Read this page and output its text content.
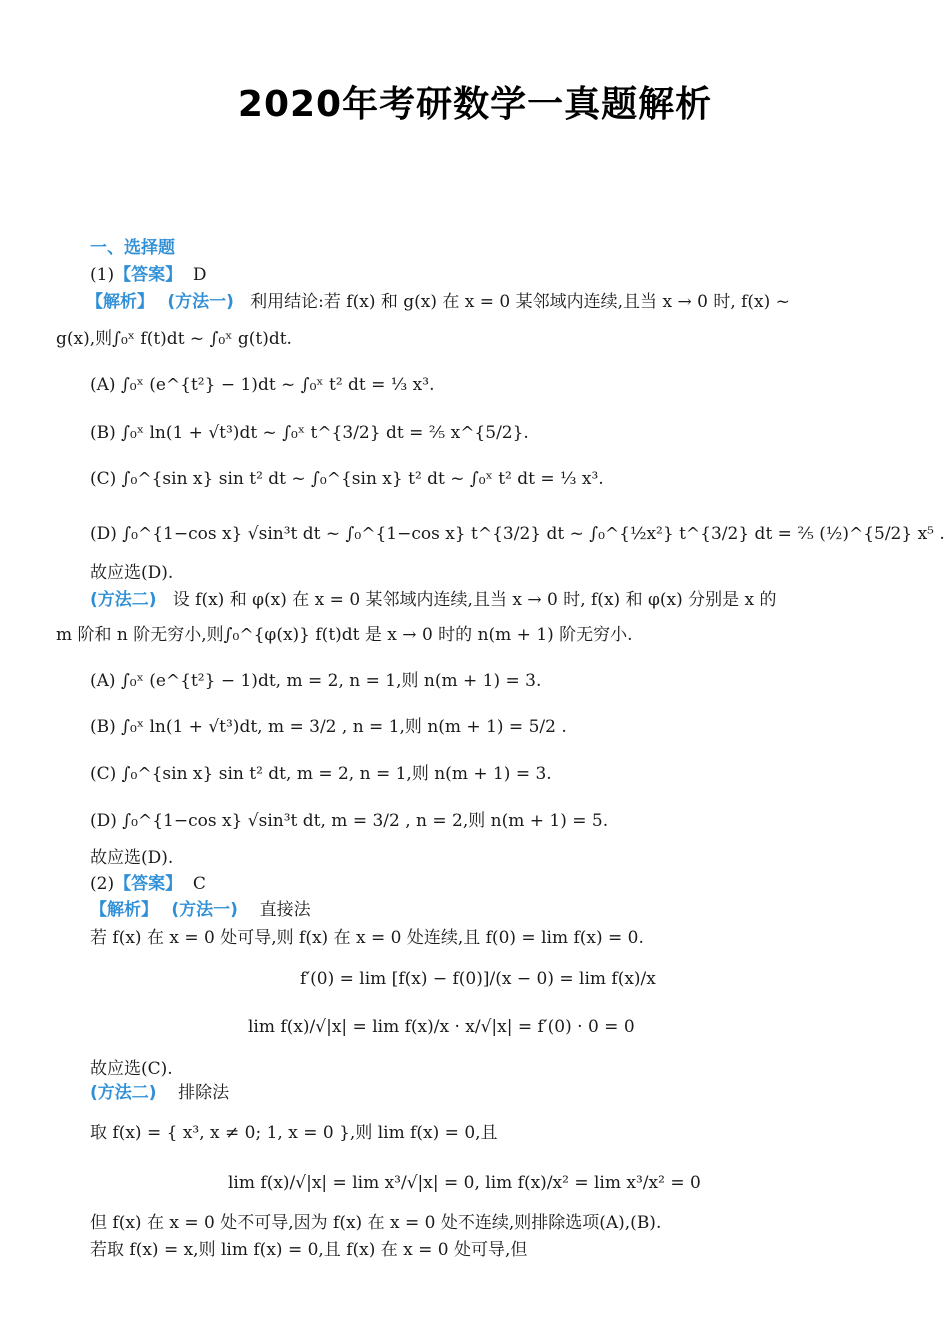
2020年考研数学一真题解析
一、选择题
(1)【答案】 D
【解析】 (方法一) 利用结论:若 f(x) 和 g(x) 在 x = 0 某邻域内连续,且当 x → 0 时, f(x) ~
g(x),则∫₀ˣ f(t)dt ~ ∫₀ˣ g(t)dt.
(A) ∫₀ˣ (e^{t²} − 1)dt ~ ∫₀ˣ t² dt = ⅓ x³.
(B) ∫₀ˣ ln(1 + √t³)dt ~ ∫₀ˣ t^{3/2} dt = ⅖ x^{5/2}.
(C) ∫₀^{sin x} sin t² dt ~ ∫₀^{sin x} t² dt ~ ∫₀ˣ t² dt = ⅓ x³.
(D) ∫₀^{1−cos x} √sin³t dt ~ ∫₀^{1−cos x} t^{3/2} dt ~ ∫₀^{½x²} t^{3/2} dt = ⅖ (½)^{5/2} x⁵ .
故应选(D).
(方法二) 设 f(x) 和 φ(x) 在 x = 0 某邻域内连续,且当 x → 0 时, f(x) 和 φ(x) 分别是 x 的
m 阶和 n 阶无穷小,则∫₀^{φ(x)} f(t)dt 是 x → 0 时的 n(m + 1) 阶无穷小.
(A) ∫₀ˣ (e^{t²} − 1)dt, m = 2, n = 1,则 n(m + 1) = 3.
(B) ∫₀ˣ ln(1 + √t³)dt, m = 3/2 , n = 1,则 n(m + 1) = 5/2 .
(C) ∫₀^{sin x} sin t² dt, m = 2, n = 1,则 n(m + 1) = 3.
(D) ∫₀^{1−cos x} √sin³t dt, m = 3/2 , n = 2,则 n(m + 1) = 5.
故应选(D).
(2)【答案】 C
【解析】 (方法一) 直接法
若 f(x) 在 x = 0 处可导,则 f(x) 在 x = 0 处连续,且 f(0) = lim f(x) = 0.
f′(0) = lim [f(x) − f(0)]/(x − 0) = lim f(x)/x
lim f(x)/√|x| = lim f(x)/x · x/√|x| = f′(0) · 0 = 0
故应选(C).
(方法二) 排除法
取 f(x) = { x³, x ≠ 0; 1, x = 0 },则 lim f(x) = 0,且
lim f(x)/√|x| = lim x³/√|x| = 0, lim f(x)/x² = lim x³/x² = 0
但 f(x) 在 x = 0 处不可导,因为 f(x) 在 x = 0 处不连续,则排除选项(A),(B).
若取 f(x) = x,则 lim f(x) = 0,且 f(x) 在 x = 0 处可导,但
